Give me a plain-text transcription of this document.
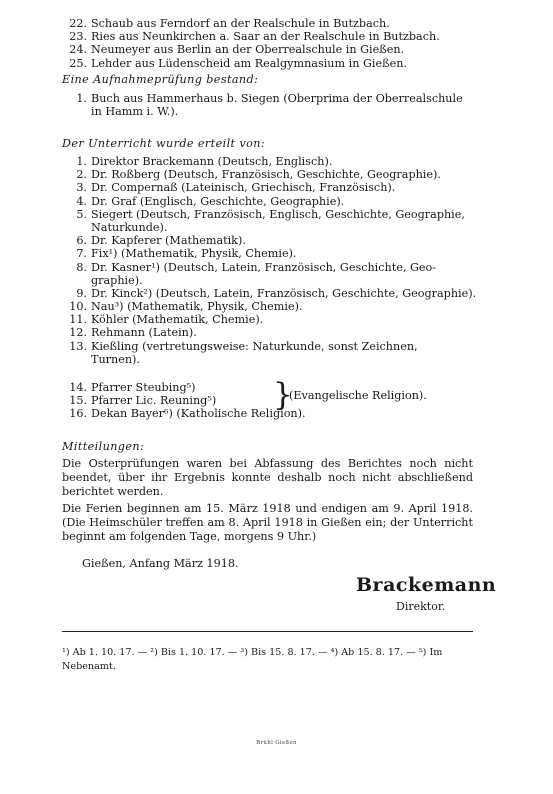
22. Schaub aus Ferndorf an der Realschule in Butzbach.
23. Ries aus Neunkirchen a. Saar an der Realschule in Butzbach.
24. Neumeyer aus Berlin an der Oberrealschule in Gießen.
25. Lehder aus Lüdenscheid am Realgymnasium in Gießen.
Eine Aufnahmeprüfung bestand:
1. Buch aus Hammerhaus b. Siegen (Oberprima der Oberrealschule
in Hamm i. W.).
Der Unterricht wurde erteilt von:
1. Direktor Brackemann (Deutsch, Englisch).
2. Dr. Roßberg (Deutsch, Französisch, Geschichte, Geographie).
3. Dr. Compernaß (Lateinisch, Griechisch, Französisch).
4. Dr. Graf (Englisch, Geschichte, Geographie).
5. Siegert (Deutsch, Französisch, Englisch, Geschichte, Geographie,
Naturkunde).
6. Dr. Kapferer (Mathematik).
7. Fix¹) (Mathematik, Physik, Chemie).
8. Dr. Kasner¹) (Deutsch, Latein, Französisch, Geschichte, Geo-
graphie).
9. Dr. Kinck²) (Deutsch, Latein, Französisch, Geschichte, Geographie).
10. Nau³) (Mathematik, Physik, Chemie).
11. Köhler (Mathematik, Chemie).
12. Rehmann (Latein).
13. Kießling (vertretungsweise: Naturkunde, sonst Zeichnen,
Turnen).
14. Pfarrer Steubing⁵)
15. Pfarrer Lic. Reuning⁵)	}
(Evangelische Religion).
16. Dekan Bayer⁶) (Katholische Religion).
Mitteilungen:
Die Osterprüfungen waren bei Abfassung des Berichtes noch nicht beendet, über ihr Ergebnis konnte deshalb noch nicht abschließend berichtet werden.
Die Ferien beginnen am 15. März 1918 und endigen am 9. April 1918. (Die Heimschüler treffen am 8. April 1918 in Gießen ein; der Unterricht beginnt am folgenden Tage, morgens 9 Uhr.)
Gießen, Anfang März 1918.
Brackemann
Direktor.
¹) Ab 1. 10. 17. — ²) Bis 1. 10. 17. — ³) Bis 15. 8. 17. — ⁴) Ab 15. 8. 17. — ⁵) Im Nebenamt.
Brühl·Gießen
